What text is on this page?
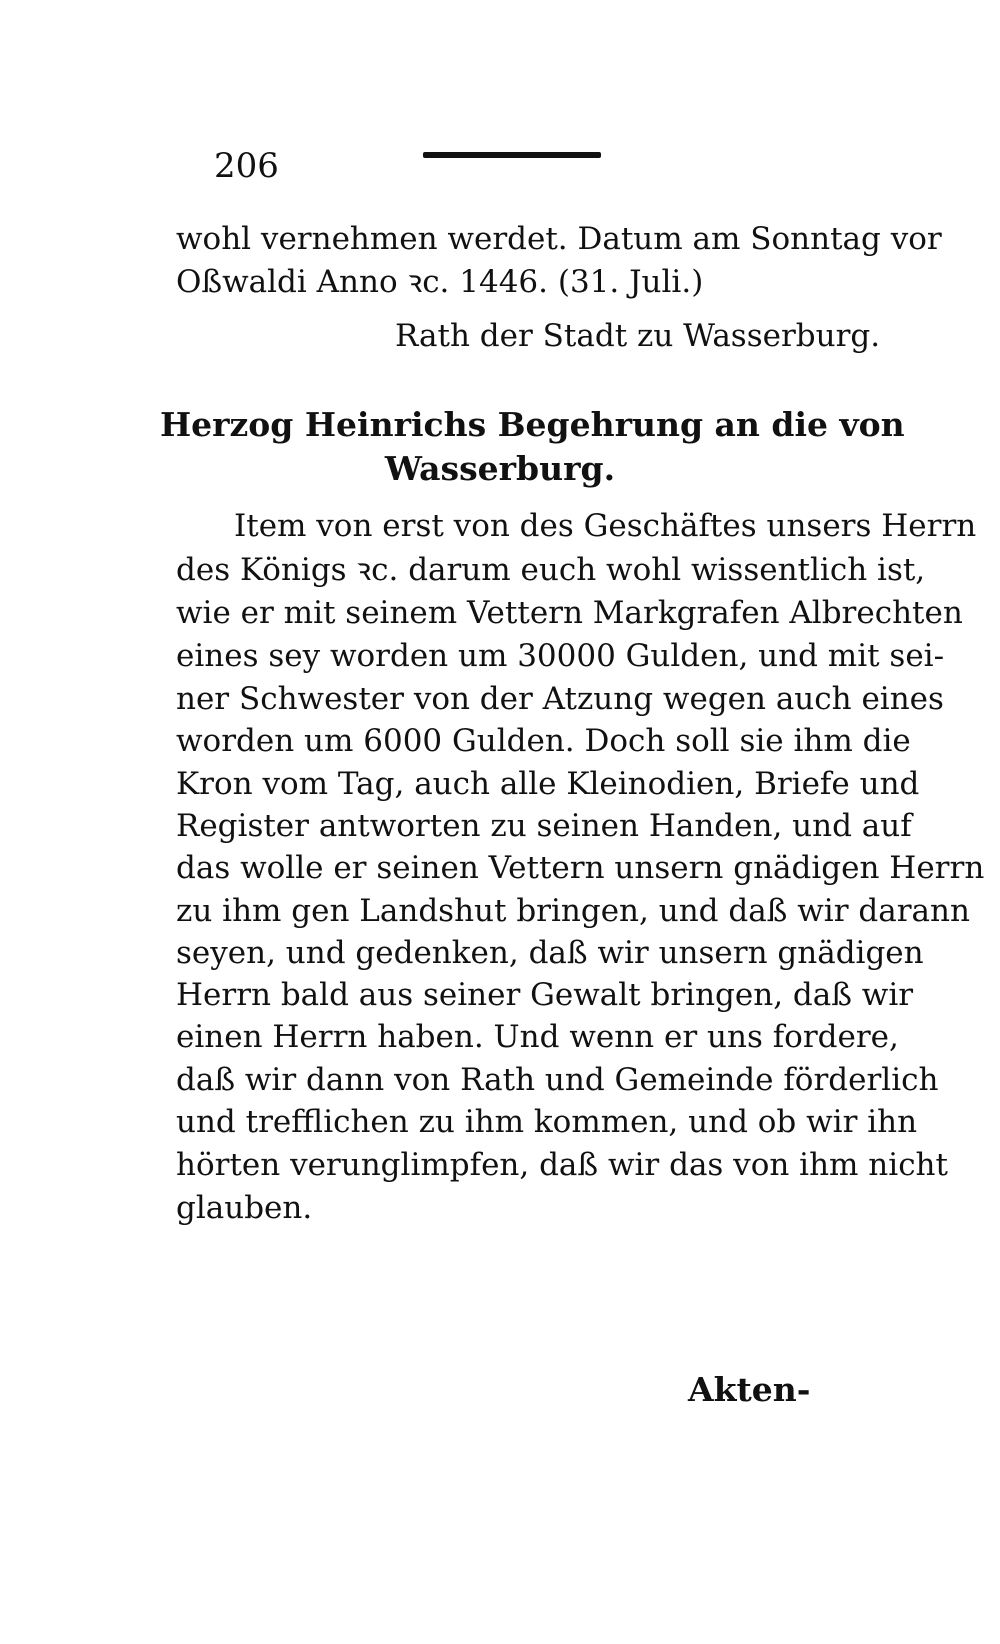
206
wohl vernehmen werdet. Datum am Sonntag vor
Oßwaldi Anno ꝛc. 1446. (31. Juli.)
Rath der Stadt zu Wasserburg.
Herzog Heinrichs Begehrung an die von
Wasserburg.
Item von erst von des Geschäftes unsers Herrn
des Königs ꝛc. darum euch wohl wissentlich ist,
wie er mit seinem Vettern Markgrafen Albrechten
eines sey worden um 30000 Gulden, und mit sei-
ner Schwester von der Atzung wegen auch eines
worden um 6000 Gulden. Doch soll sie ihm die
Kron vom Tag, auch alle Kleinodien, Briefe und
Register antworten zu seinen Handen, und auf
das wolle er seinen Vettern unsern gnädigen Herrn
zu ihm gen Landshut bringen, und daß wir darann
seyen, und gedenken, daß wir unsern gnädigen
Herrn bald aus seiner Gewalt bringen, daß wir
einen Herrn haben. Und wenn er uns fordere,
daß wir dann von Rath und Gemeinde förderlich
und trefflichen zu ihm kommen, und ob wir ihn
hörten verunglimpfen, daß wir das von ihm nicht
glauben.
Akten-
